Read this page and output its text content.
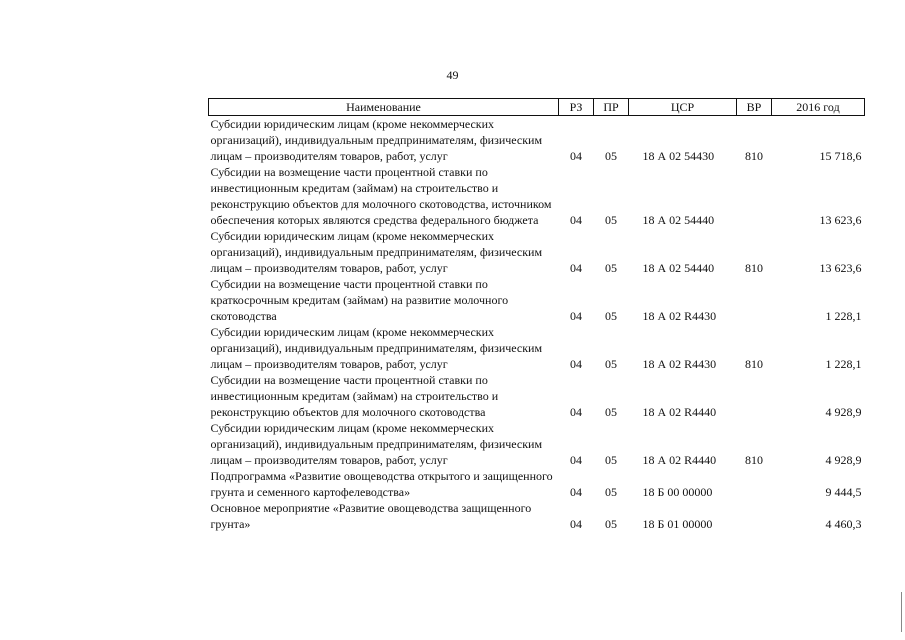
49
Наименование	РЗ	ПР	ЦСР	ВР	2016 год
Субсидии юридическим лицам (кроме некоммерческих организаций), индивидуальным предпринимателям, физическим лицам – производителям товаров, работ, услуг	04	05	18 А 02 54430	810	15 718,6
Субсидии на возмещение части процентной ставки по инвестиционным кредитам (займам) на строительство и реконструкцию объектов для молочного скотоводства, источником обеспечения которых являются средства федерального бюджета	04	05	18 А 02 54440		13 623,6
Субсидии юридическим лицам (кроме некоммерческих организаций), индивидуальным предпринимателям, физическим лицам – производителям товаров, работ, услуг	04	05	18 А 02 54440	810	13 623,6
Субсидии на возмещение части процентной ставки по краткосрочным кредитам (займам) на развитие молочного скотоводства	04	05	18 А 02 R4430		1 228,1
Субсидии юридическим лицам (кроме некоммерческих организаций), индивидуальным предпринимателям, физическим лицам – производителям товаров, работ, услуг	04	05	18 А 02 R4430	810	1 228,1
Субсидии на возмещение части процентной ставки по инвестиционным кредитам (займам) на строительство и реконструкцию объектов для молочного скотоводства	04	05	18 А 02 R4440		4 928,9
Субсидии юридическим лицам (кроме некоммерческих организаций), индивидуальным предпринимателям, физическим лицам – производителям товаров, работ, услуг	04	05	18 А 02 R4440	810	4 928,9
Подпрограмма «Развитие овощеводства открытого и защищенного грунта и семенного картофелеводства»	04	05	18 Б 00 00000		9 444,5
Основное мероприятие «Развитие овощеводства защищенного грунта»	04	05	18 Б 01 00000		4 460,3
